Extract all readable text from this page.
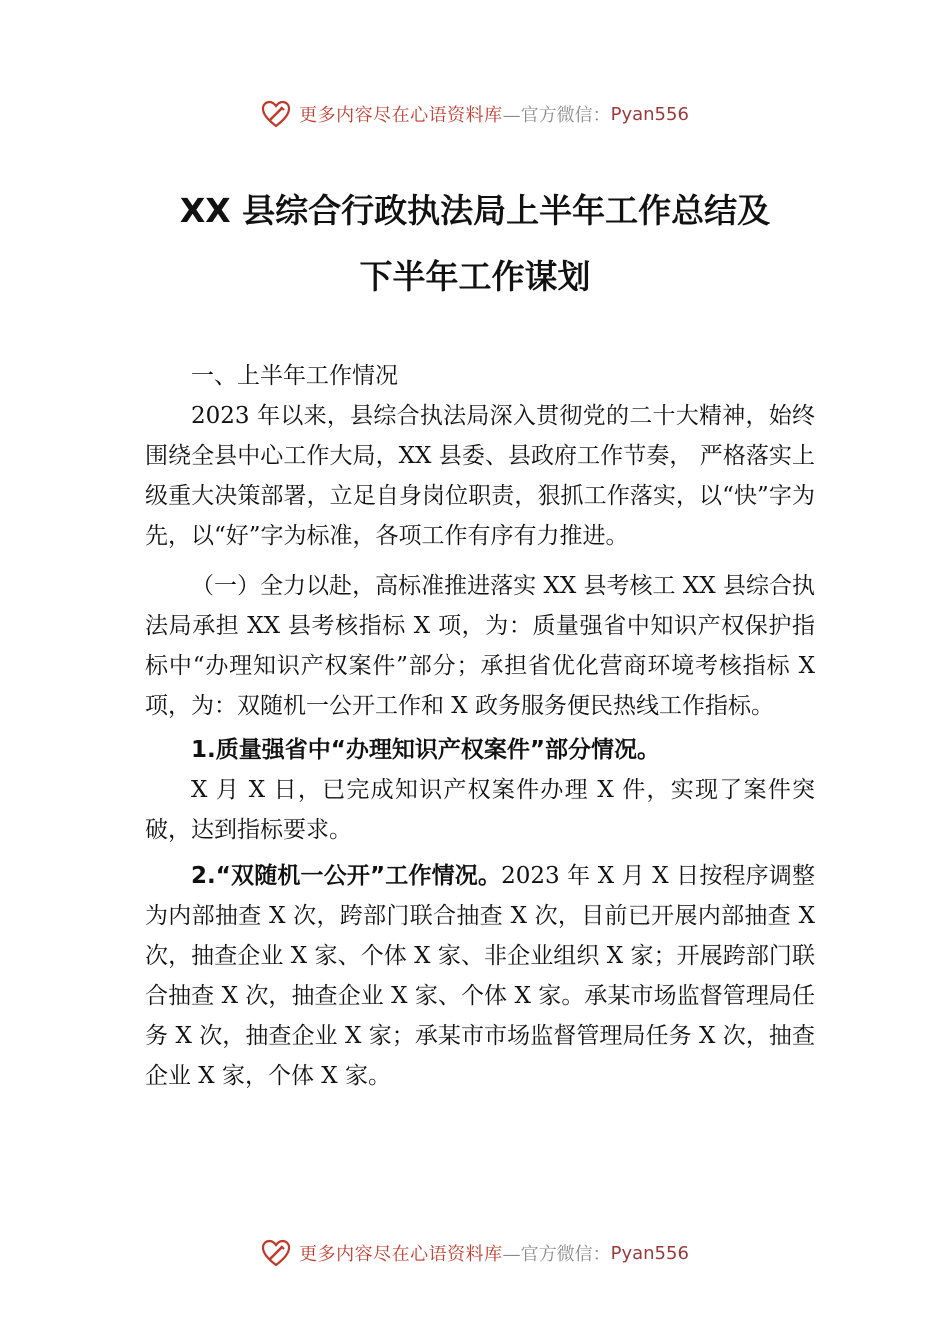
更多内容尽在心语资料库 —官方微信： Pyan556
XX 县综合行政执法局上半年工作总结及
下半年工作谋划

一、上半年工作情况

2023 年以来，县综合执法局深入贯彻党的二十大精神，始终围绕全县中心工作大局，XX 县委、县政府工作节奏， 严格落实上级重大决策部署，立足自身岗位职责，狠抓工作落实，以“快”字为先，以“好”字为标准，各项工作有序有力推进。

（一）全力以赴，高标准推进落实 XX 县考核工 XX 县综合执法局承担 XX 县考核指标 X 项，为：质量强省中知识产权保护指标中“办理知识产权案件”部分；承担省优化营商环境考核指标 X 项，为：双随机一公开工作和 X 政务服务便民热线工作指标。

1.质量强省中“办理知识产权案件”部分情况。

X 月 X 日，已完成知识产权案件办理 X 件，实现了案件突破，达到指标要求。

2.“双随机一公开”工作情况。2023 年 X 月 X 日按程序调整为内部抽查 X 次，跨部门联合抽查 X 次，目前已开展内部抽查 X 次，抽查企业 X 家、个体 X 家、非企业组织 X 家；开展跨部门联合抽查 X 次，抽查企业 X 家、个体 X 家。承某市场监督管理局任务 X 次，抽查企业 X 家；承某市市场监督管理局任务 X 次，抽查企业 X 家，个体 X 家。

更多内容尽在心语资料库 —官方微信： Pyan556
